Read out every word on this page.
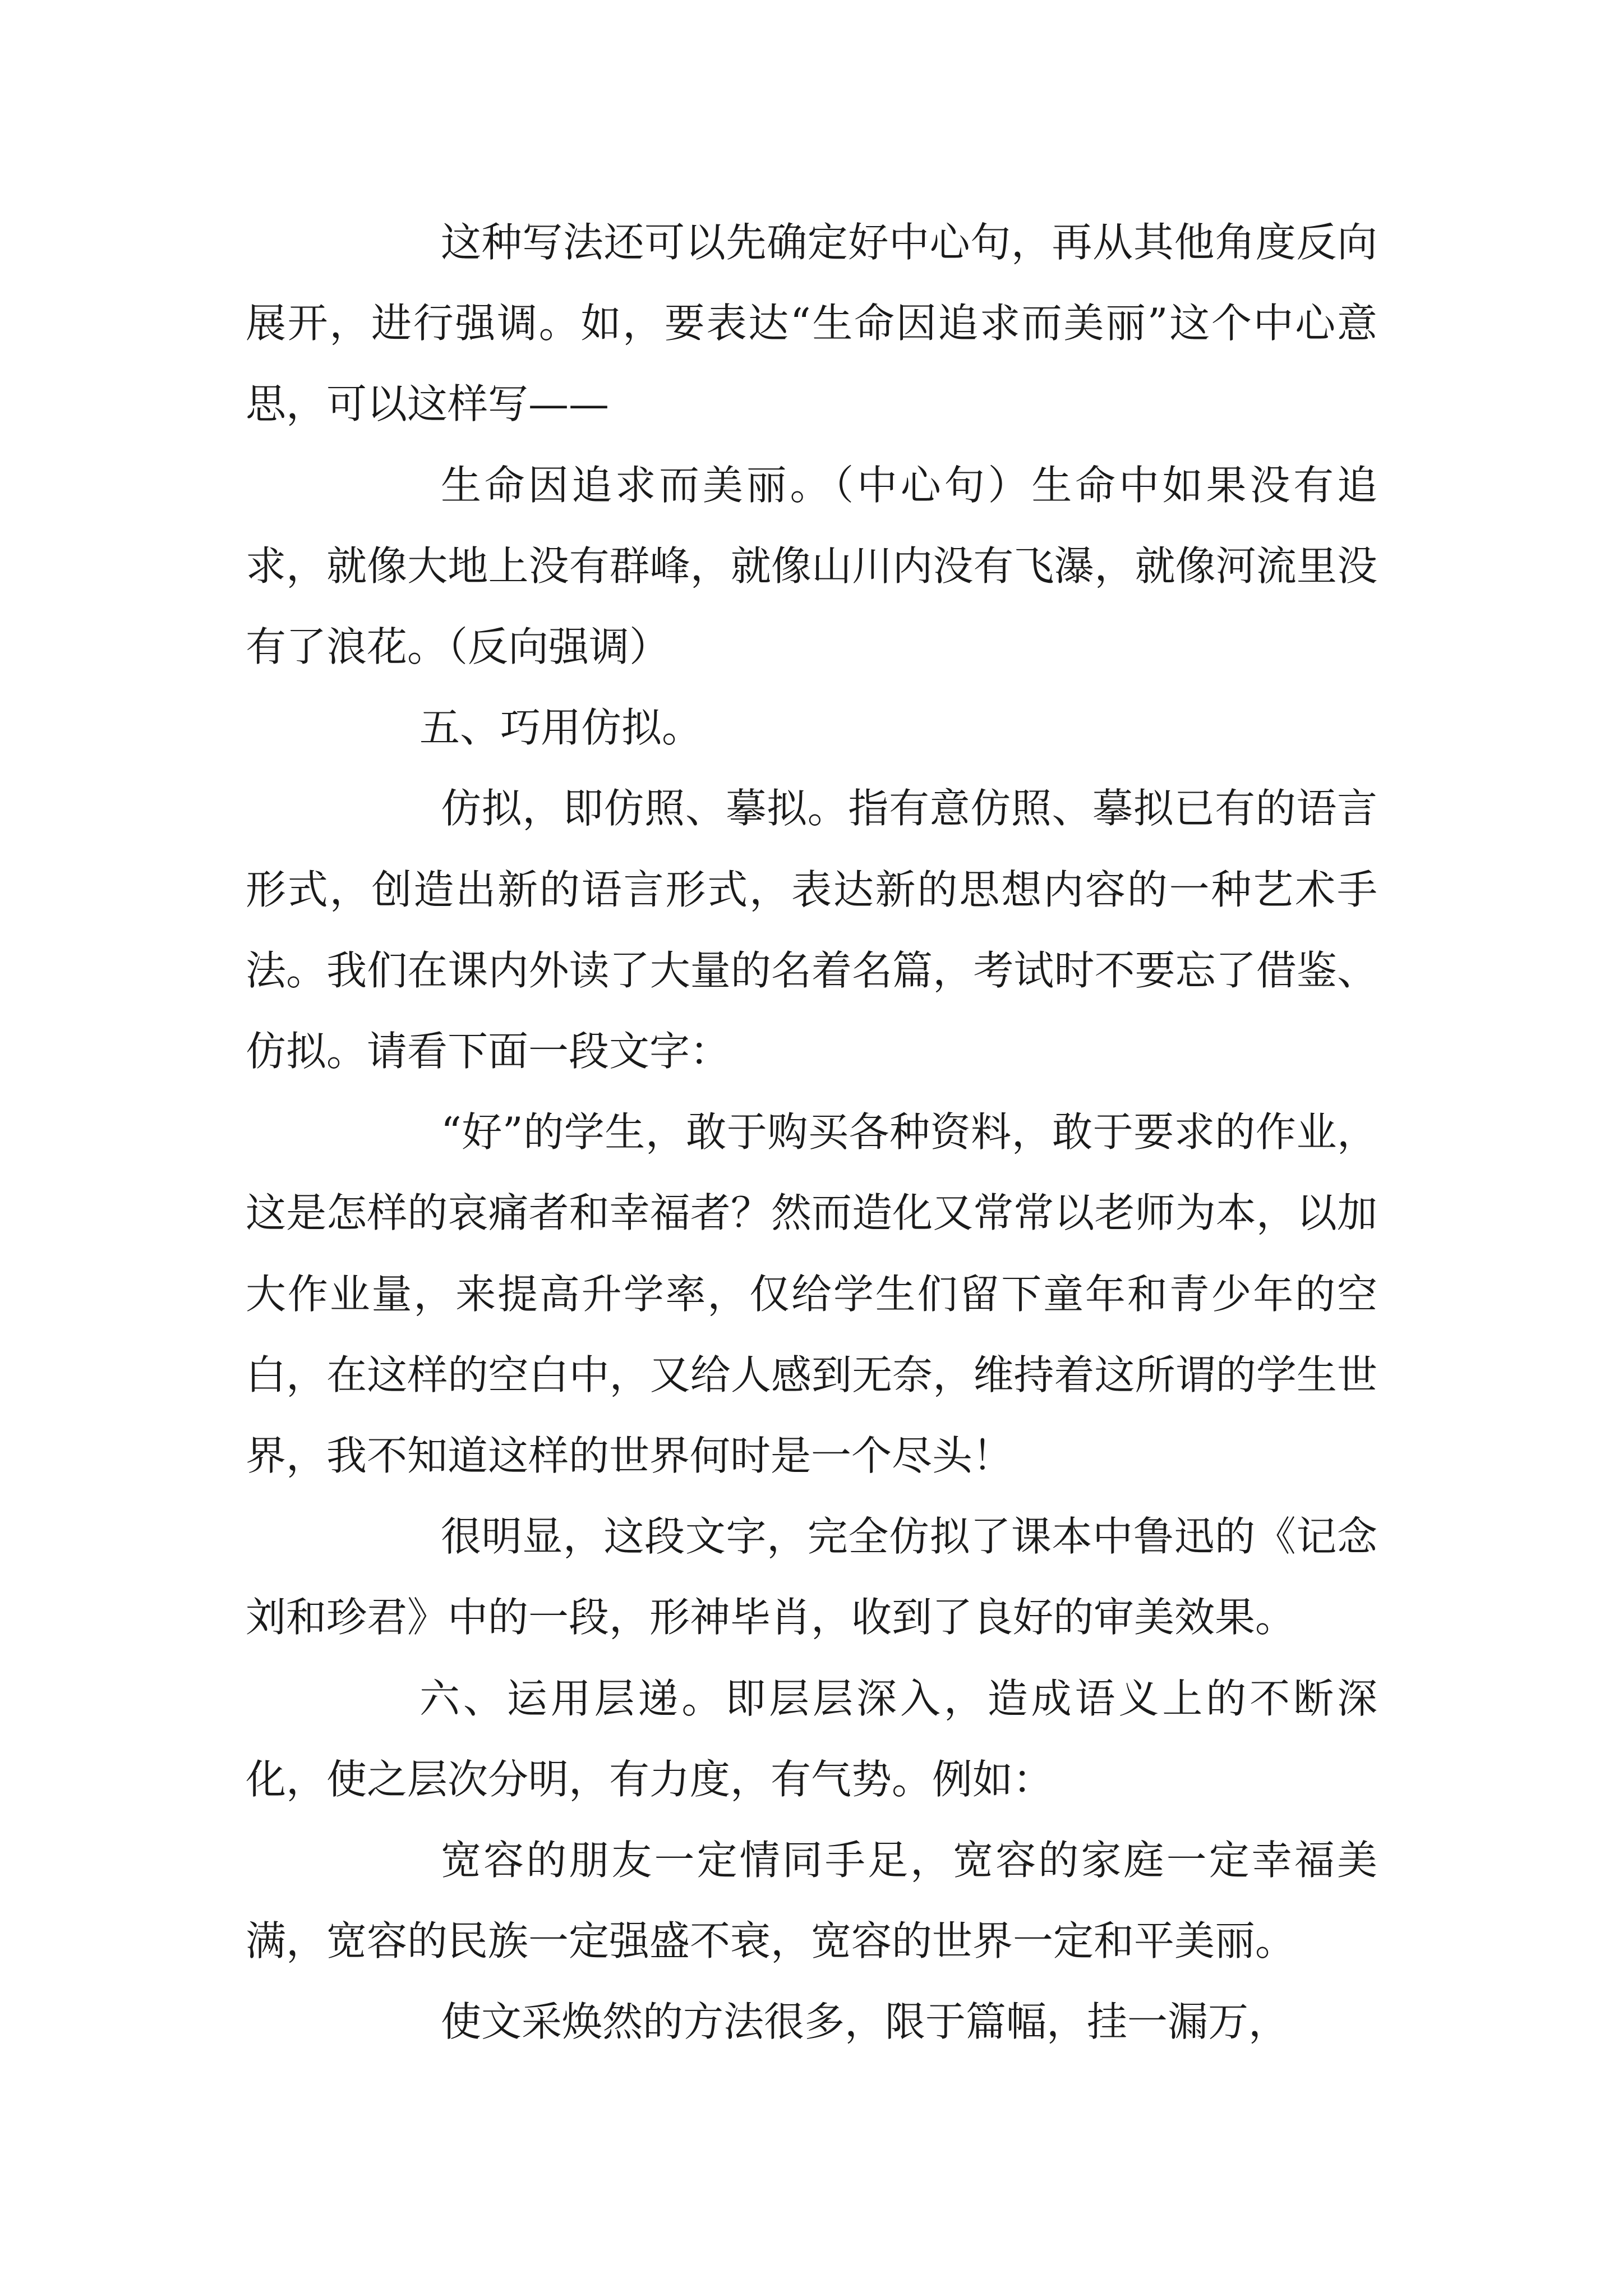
这种写法还可以先确定好中心句，再从其他角度反向展开，进行强调。如，要表达“生命因追求而美丽”这个中心意思，可以这样写——

生命因追求而美丽。（中心句）生命中如果没有追求，就像大地上没有群峰，就像山川内没有飞瀑，就像河流里没有了浪花。（反向强调）

五、巧用仿拟。

仿拟，即仿照、摹拟。指有意仿照、摹拟已有的语言形式，创造出新的语言形式，表达新的思想内容的一种艺术手法。我们在课内外读了大量的名着名篇，考试时不要忘了借鉴、仿拟。请看下面一段文字：

“好”的学生，敢于购买各种资料，敢于要求的作业，这是怎样的哀痛者和幸福者？然而造化又常常以老师为本，以加大作业量，来提高升学率，仅给学生们留下童年和青少年的空白，在这样的空白中，又给人感到无奈，维持着这所谓的学生世界，我不知道这样的世界何时是一个尽头！

很明显，这段文字，完全仿拟了课本中鲁迅的《记念刘和珍君》中的一段，形神毕肖，收到了良好的审美效果。

六、运用层递。即层层深入，造成语义上的不断深化，使之层次分明，有力度，有气势。例如：

宽容的朋友一定情同手足，宽容的家庭一定幸福美满，宽容的民族一定强盛不衰，宽容的世界一定和平美丽。

使文采焕然的方法很多，限于篇幅，挂一漏万，
